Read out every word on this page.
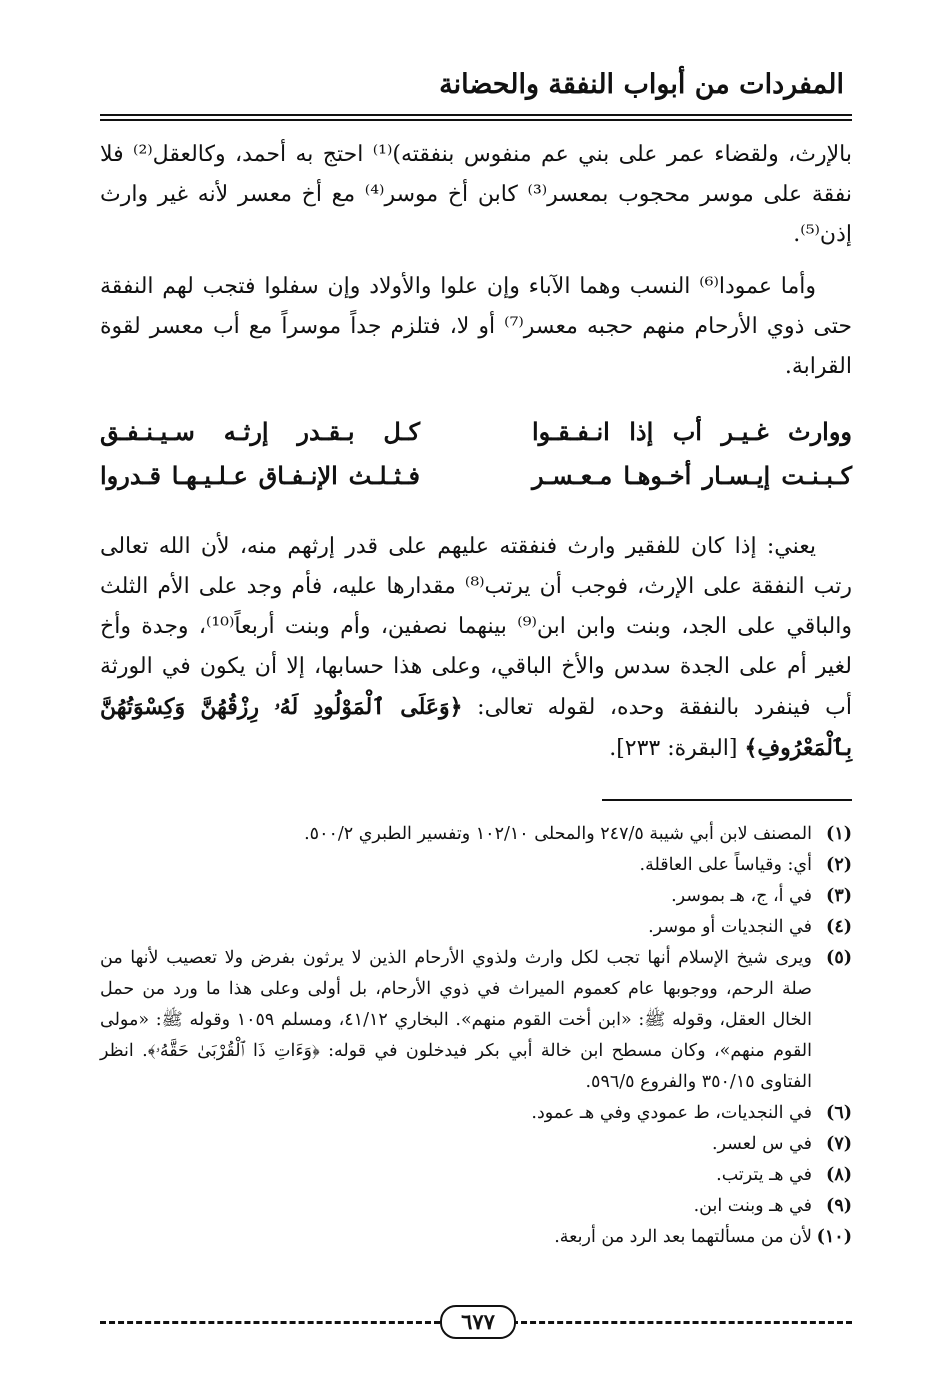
المفردات من أبواب النفقة والحضانة

بالإرث، ولقضاء عمر على بني عم منفوس بنفقته)⁽¹⁾ احتج به أحمد، وكالعقل⁽²⁾ فلا نفقة على موسر محجوب بمعسر⁽³⁾ كابن أخ موسر⁽⁴⁾ مع أخ معسر لأنه غير وارث إذن⁽⁵⁾.

وأما عمودا⁽⁶⁾ النسب وهما الآباء وإن علوا والأولاد وإن سفلوا فتجب لهم النفقة حتى ذوي الأرحام منهم حجبه معسر⁽⁷⁾ أو لا، فتلزم جداً موسراً مع أب معسر لقوة القرابة.

ووارث غـيـر أب إذا انـفـقـوا
كـل بـقـدر إرثـه سـيـنـفـق
كـبـنـت إيـسـار أخـوهـا مـعـسـر
فـثـلـث الإنـفـاق عـلـيـهـا قـدروا

يعني: إذا كان للفقير وارث فنفقته عليهم على قدر إرثهم منه، لأن الله تعالى رتب النفقة على الإرث، فوجب أن يرتب⁽⁸⁾ مقدارها عليه، فأم وجد على الأم الثلث والباقي على الجد، وبنت وابن ابن⁽⁹⁾ بينهما نصفين، وأم وبنت أربعاً⁽¹⁰⁾، وجدة وأخ لغير أم على الجدة سدس والأخ الباقي، وعلى هذا حسابها، إلا أن يكون في الورثة أب فينفرد بالنفقة وحده، لقوله تعالى: ﴿وَعَلَى ٱلْمَوْلُودِ لَهُۥ رِزْقُهُنَّ وَكِسْوَتُهُنَّ بِٱلْمَعْرُوفِ﴾ [البقرة: ٢٣٣].

(١)
المصنف لابن أبي شيبة ٢٤٧/٥ والمحلى ١٠٢/١٠ وتفسير الطبري ٥٠٠/٢.
(٢)
أي: وقياساً على العاقلة.
(٣)
في أ، ج، هـ بموسر.
(٤)
في النجديات أو موسر.
(٥)
ويرى شيخ الإسلام أنها تجب لكل وارث ولذوي الأرحام الذين لا يرثون بفرض ولا تعصيب لأنها من صلة الرحم، ووجوبها عام كعموم الميراث في ذوي الأرحام، بل أولى وعلى هذا ما ورد من حمل الخال العقل، وقوله ﷺ: «ابن أخت القوم منهم». البخاري ٤١/١٢، ومسلم ١٠٥٩ وقوله ﷺ: «مولى القوم منهم»، وكان مسطح ابن خالة أبي بكر فيدخلون في قوله: ﴿وَءَاتِ ذَا ٱلْقُرْبَىٰ حَقَّهُۥ﴾. انظر الفتاوى ٣٥٠/١٥ والفروع ٥٩٦/٥.
(٦)
في النجديات، ط عمودي وفي هـ عمود.
(٧)
في س لعسر.
(٨)
في هـ يترتب.
(٩)
في هـ وبنت ابن.
(١٠)
لأن من مسألتهما بعد الرد من أربعة.
٦٧٧
